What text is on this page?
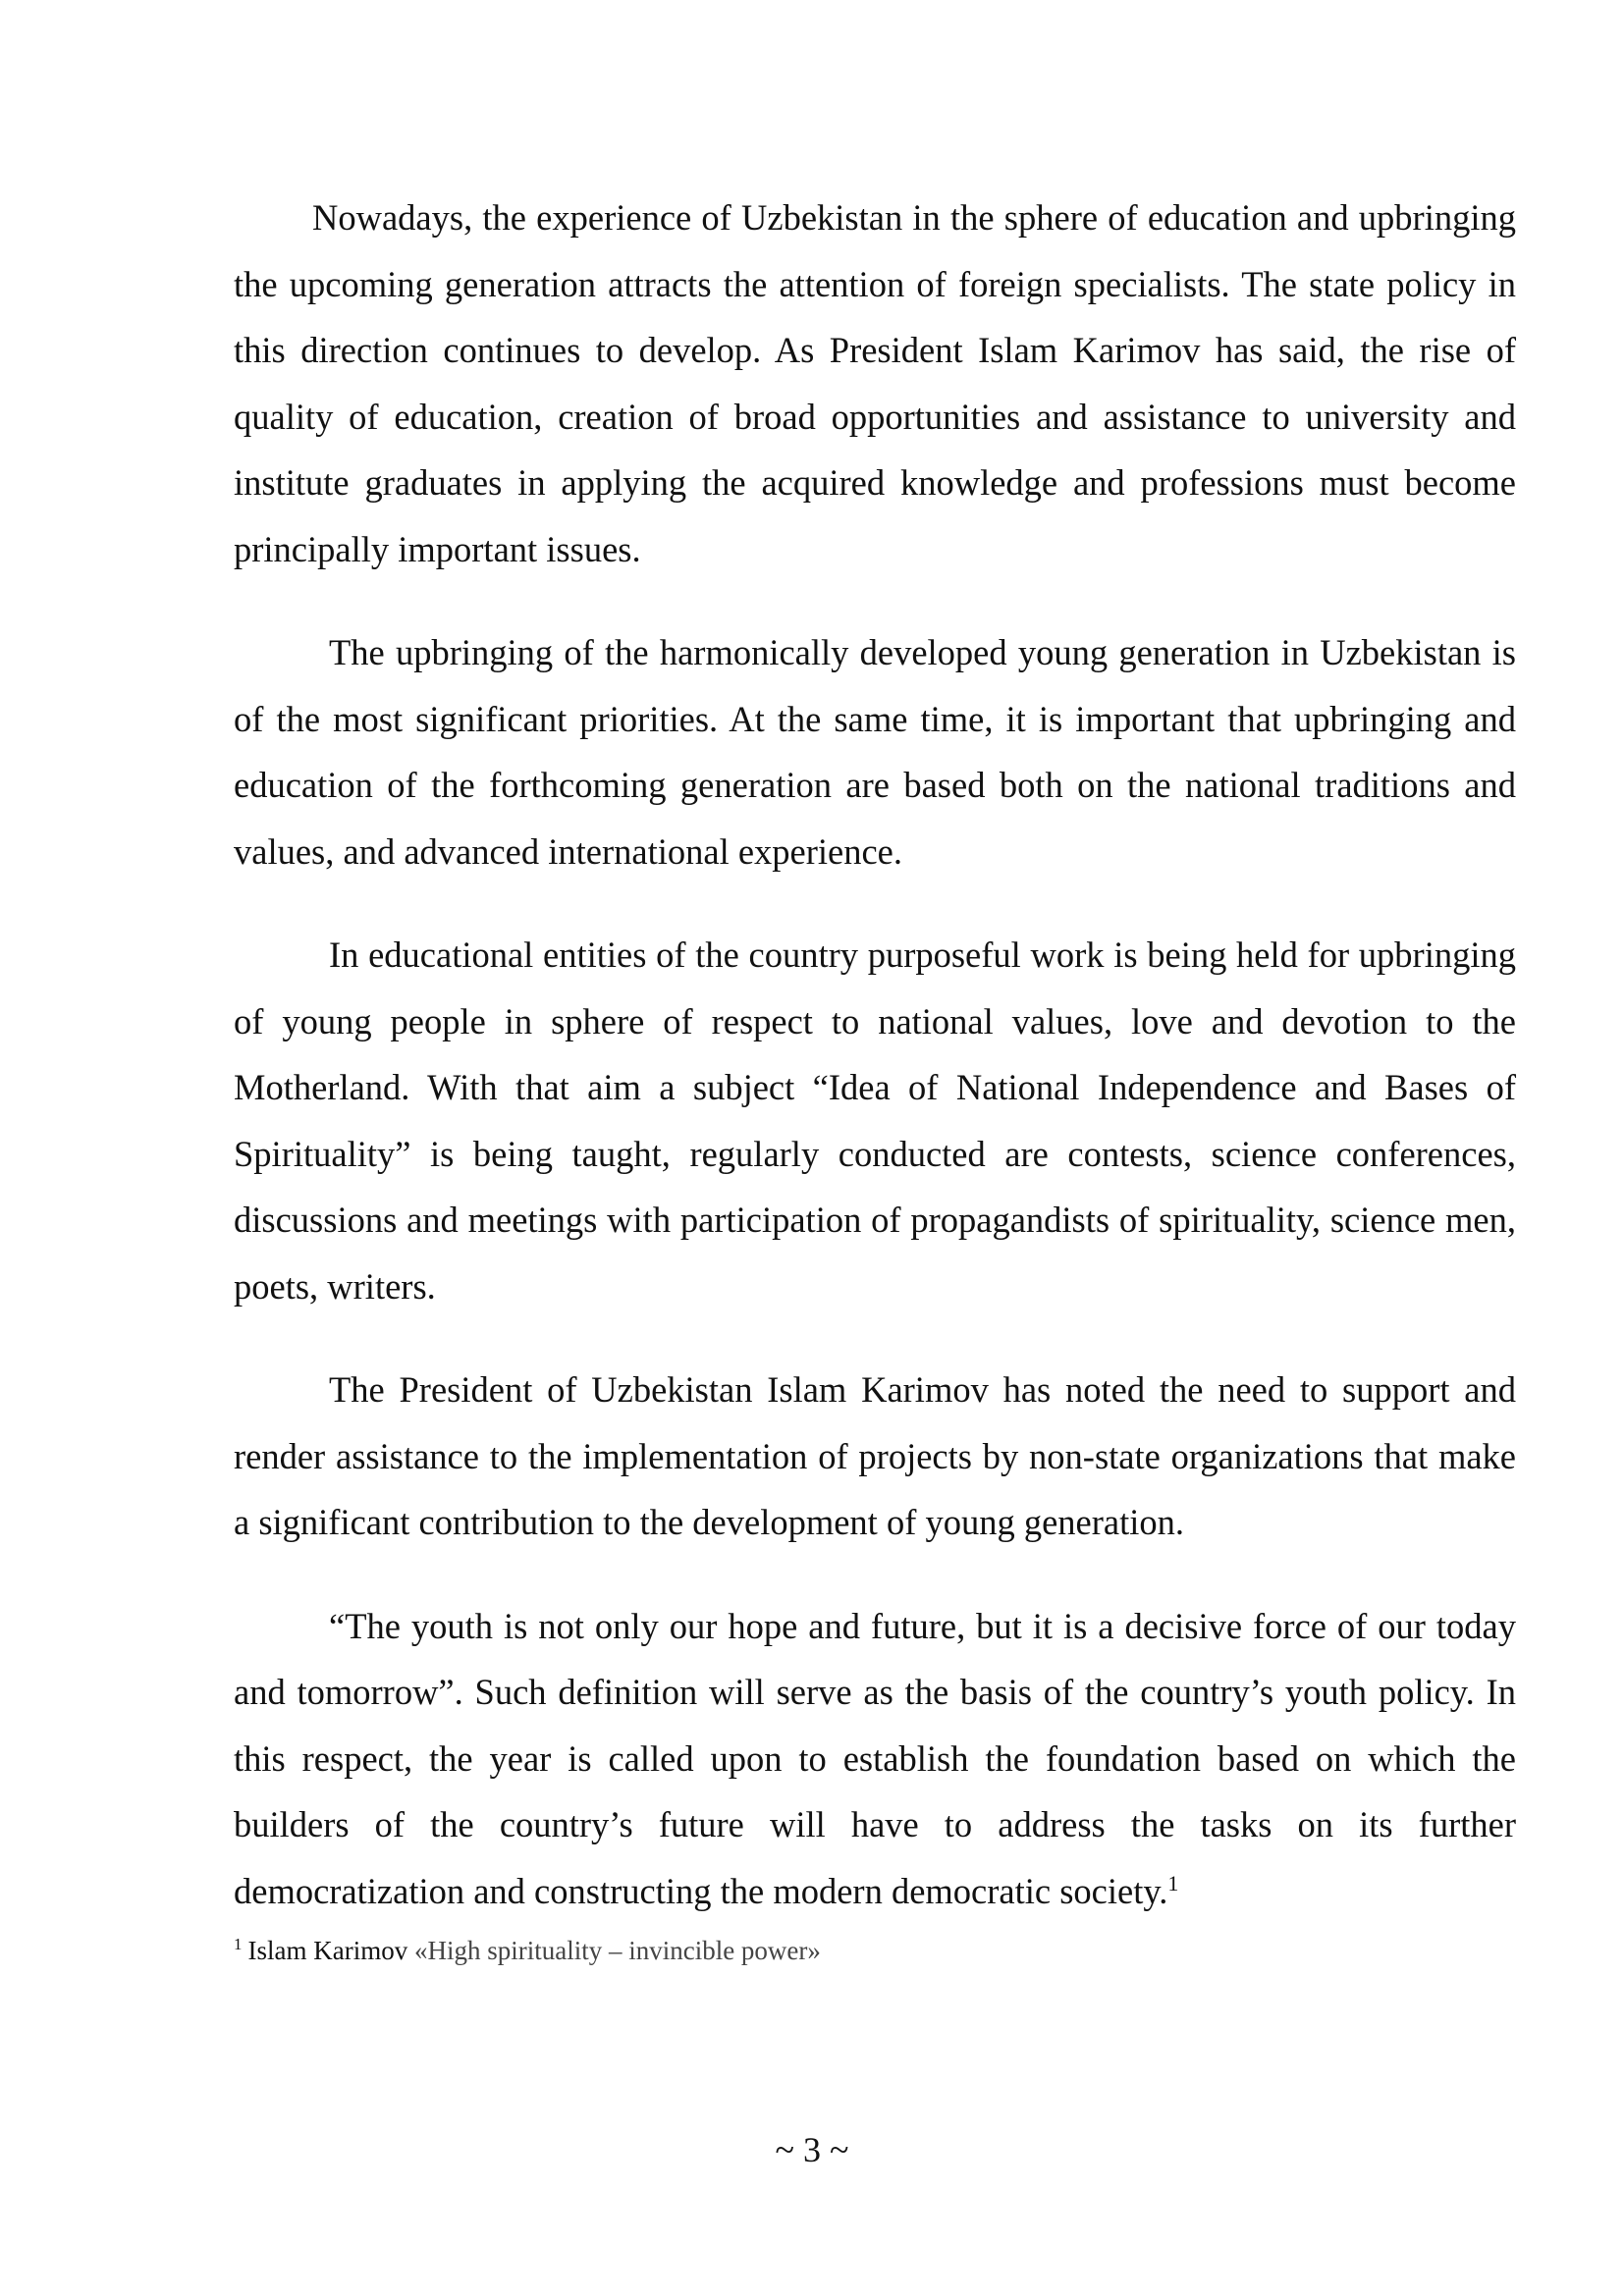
Nowadays, the experience of Uzbekistan in the sphere of education and upbringing the upcoming generation attracts the attention of foreign specialists. The state policy in this direction continues to develop. As President Islam Karimov has said, the rise of quality of education, creation of broad opportunities and assistance to university and institute graduates in applying the acquired knowledge and professions must become principally important issues.

The upbringing of the harmonically developed young generation in Uzbekistan is of the most significant priorities. At the same time, it is important that upbringing and education of the forthcoming generation are based both on the national traditions and values, and advanced international experience.

In educational entities of the country purposeful work is being held for upbringing of young people in sphere of respect to national values, love and devotion to the Motherland. With that aim a subject “Idea of National Independence and Bases of Spirituality” is being taught, regularly conducted are contests, science conferences, discussions and meetings with participation of propagandists of spirituality, science men, poets, writers.

The President of Uzbekistan Islam Karimov has noted the need to support and render assistance to the implementation of projects by non-state organizations that make a significant contribution to the development of young generation.

“The youth is not only our hope and future, but it is a decisive force of our today and tomorrow”. Such definition will serve as the basis of the country’s youth policy. In this respect, the year is called upon to establish the foundation based on which the builders of the country’s future will have to address the tasks on its further democratization and constructing the modern democratic society.$^1$

$^1$ Islam Karimov «High spirituality – invincible power»
~ 3 ~
